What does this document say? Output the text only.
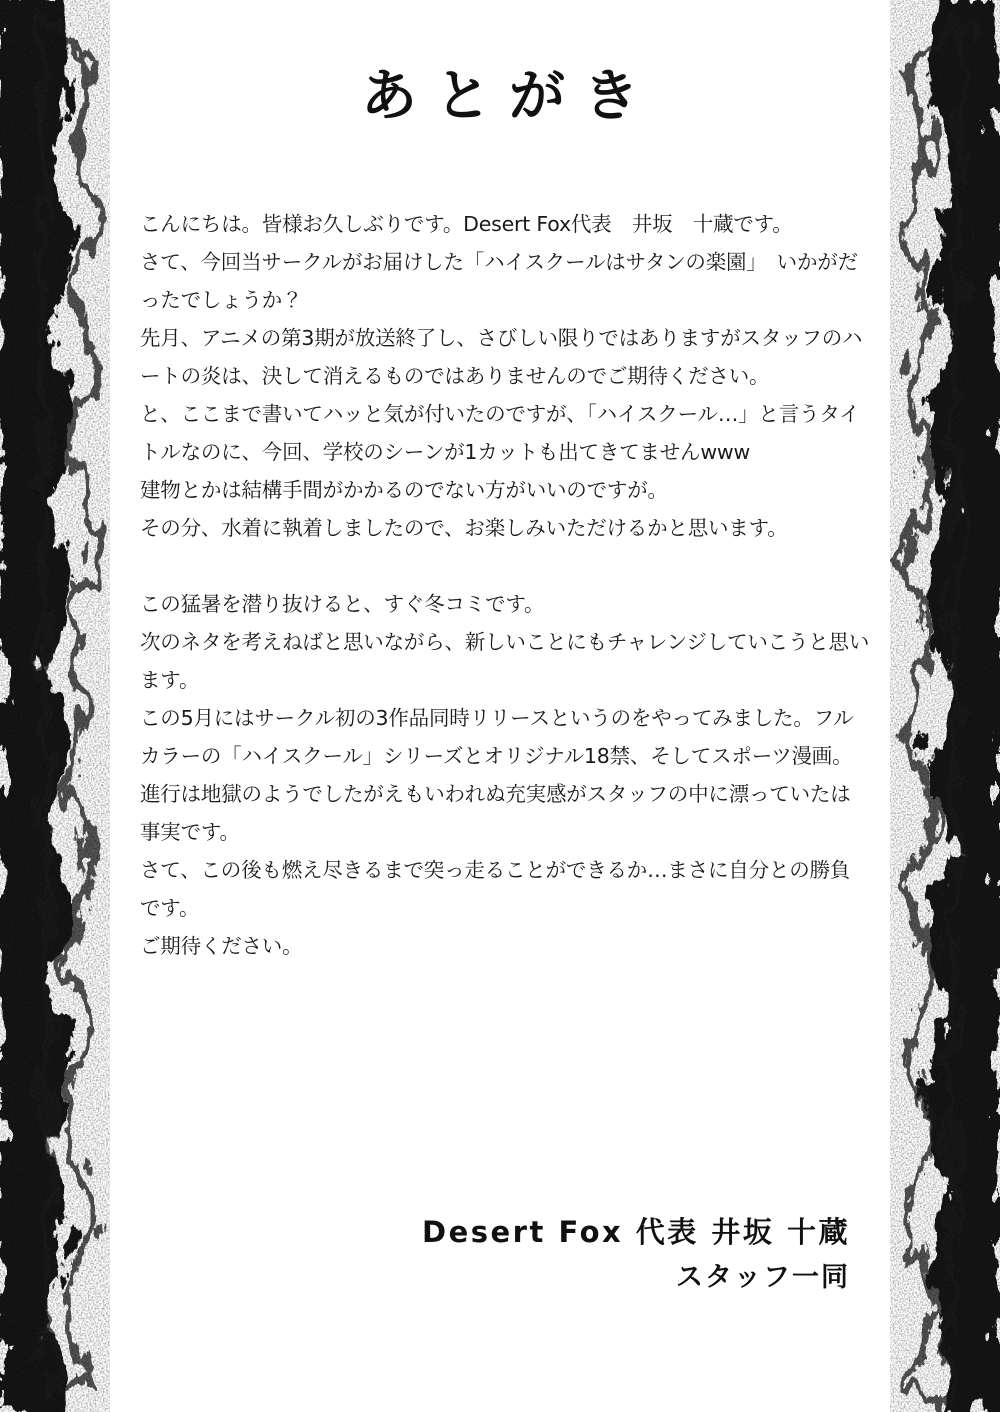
あとがき

こんにちは。皆様お久しぶりです。Desert Fox代表　井坂　十蔵です。

さて、今回当サークルがお届けした「ハイスクールはサタンの楽園」　いかがだったでしょうか？

先月、アニメの第3期が放送終了し、さびしい限りではありますがスタッフのハートの炎は、決して消えるものではありませんのでご期待ください。

と、ここまで書いてハッと気が付いたのですが、「ハイスクール…」と言うタイトルなのに、今回、学校のシーンが1カットも出てきてませんwww

建物とかは結構手間がかかるのでない方がいいのですが。

その分、水着に執着しましたので、お楽しみいただけるかと思います。

この猛暑を潜り抜けると、すぐ冬コミです。

次のネタを考えねばと思いながら、新しいことにもチャレンジしていこうと思います。

この5月にはサークル初の3作品同時リリースというのをやってみました。フルカラーの「ハイスクール」シリーズとオリジナル18禁、そしてスポーツ漫画。

進行は地獄のようでしたがえもいわれぬ充実感がスタッフの中に漂っていたは事実です。

さて、この後も燃え尽きるまで突っ走ることができるか…まさに自分との勝負です。

ご期待ください。

Desert Fox 代表 井坂 十蔵
スタッフ一同
